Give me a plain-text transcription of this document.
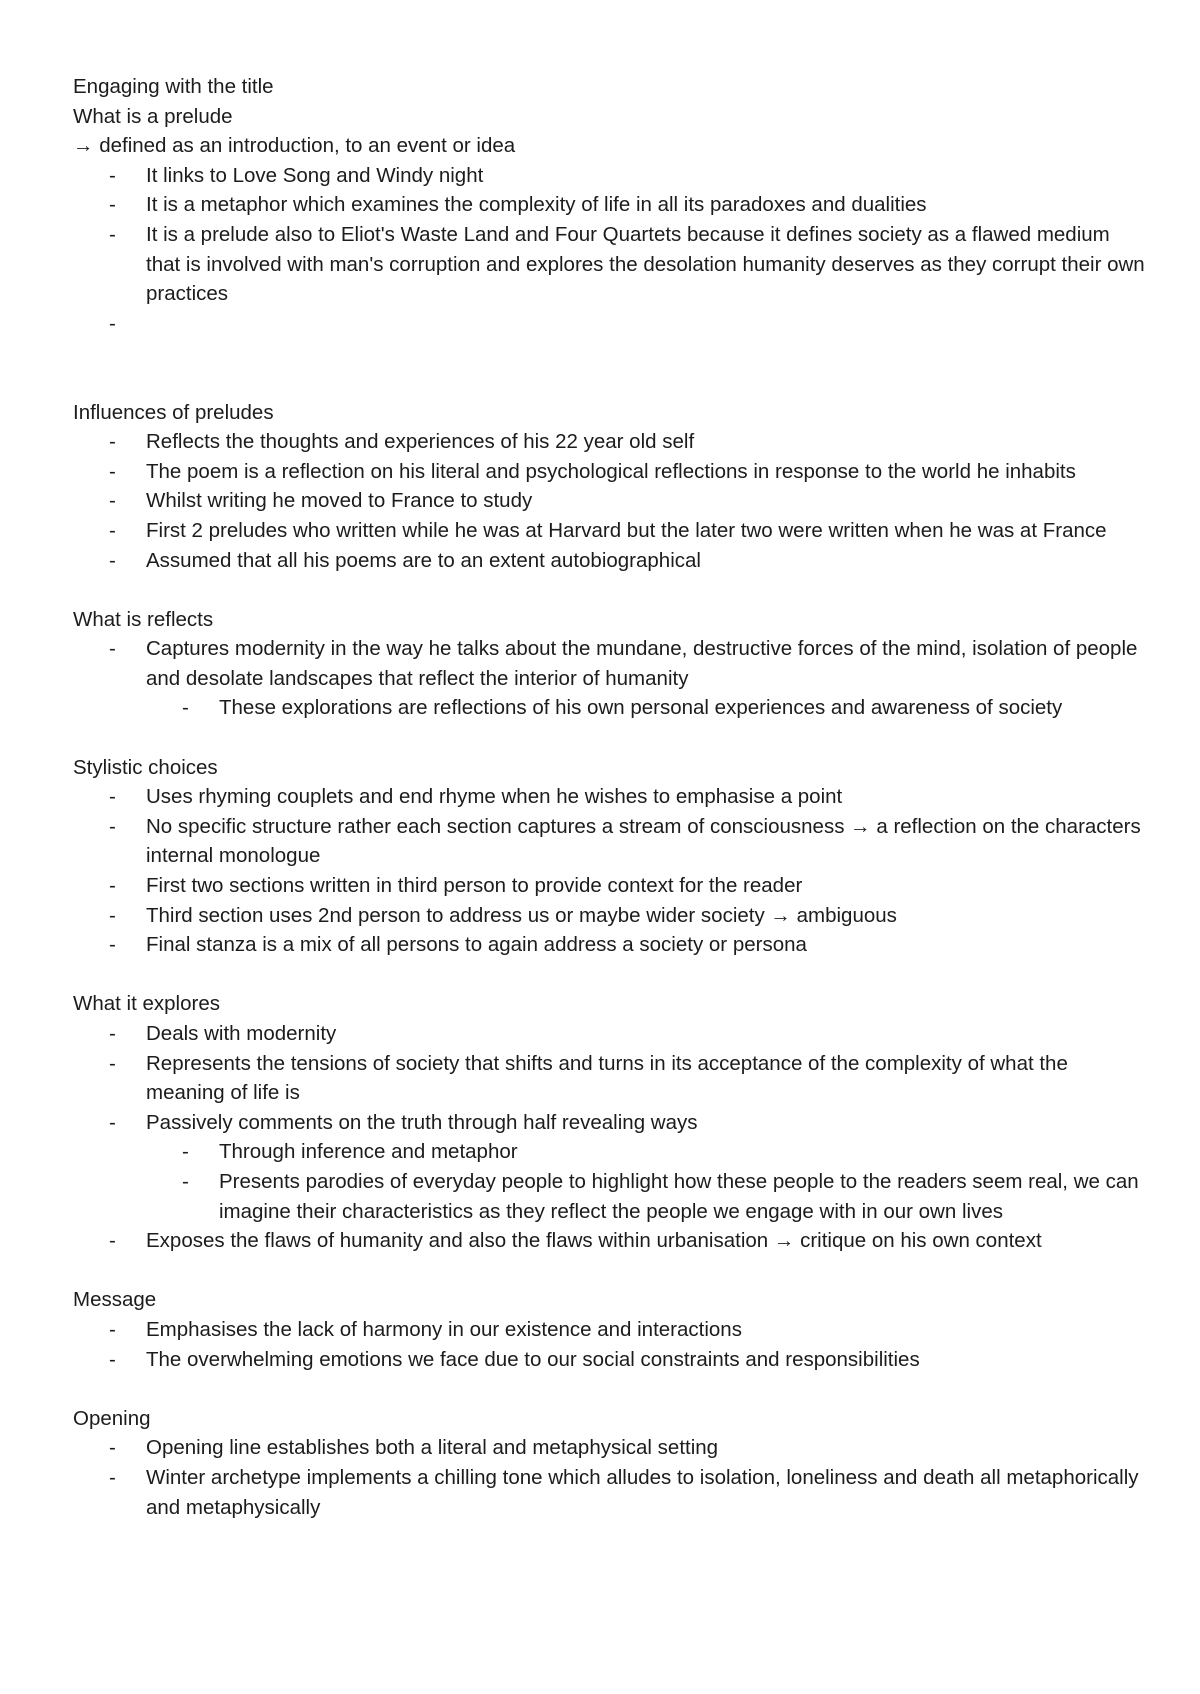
Engaging with the title

What is a prelude

→ defined as an introduction, to an event or idea

- It links to Love Song and Windy night
- It is a metaphor which examines the complexity of life in all its paradoxes and dualities
- It is a prelude also to Eliot's Waste Land and Four Quartets because it defines society as a flawed medium that is involved with man's corruption and explores the desolation humanity deserves as they corrupt their own practices
-

Influences of preludes

- Reflects the thoughts and experiences of his 22 year old self
- The poem is a reflection on his literal and psychological reflections in response to the world he inhabits
- Whilst writing he moved to France to study
- First 2 preludes who written while he was at Harvard but the later two were written when he was at France
- Assumed that all his poems are to an extent autobiographical

What is reflects

- Captures modernity in the way he talks about the mundane, destructive forces of the mind, isolation of people and desolate landscapes that reflect the interior of humanity
- These explorations are reflections of his own personal experiences and awareness of society

Stylistic choices

- Uses rhyming couplets and end rhyme when he wishes to emphasise a point
- No specific structure rather each section captures a stream of consciousness → a reflection on the characters internal monologue
- First two sections written in third person to provide context for the reader
- Third section uses 2nd person to address us or maybe wider society → ambiguous
- Final stanza is a mix of all persons to again address a society or persona

What it explores

- Deals with modernity
- Represents the tensions of society that shifts and turns in its acceptance of the complexity of what the meaning of life is
- Passively comments on the truth through half revealing ways
- Through inference and metaphor
- Presents parodies of everyday people to highlight how these people to the readers seem real, we can imagine their characteristics as they reflect the people we engage with in our own lives
- Exposes the flaws of humanity and also the flaws within urbanisation → critique on his own context

Message

- Emphasises the lack of harmony in our existence and interactions
- The overwhelming emotions we face due to our social constraints and responsibilities

Opening

- Opening line establishes both a literal and metaphysical setting
- Winter archetype implements a chilling tone which alludes to isolation, loneliness and death all metaphorically and metaphysically
